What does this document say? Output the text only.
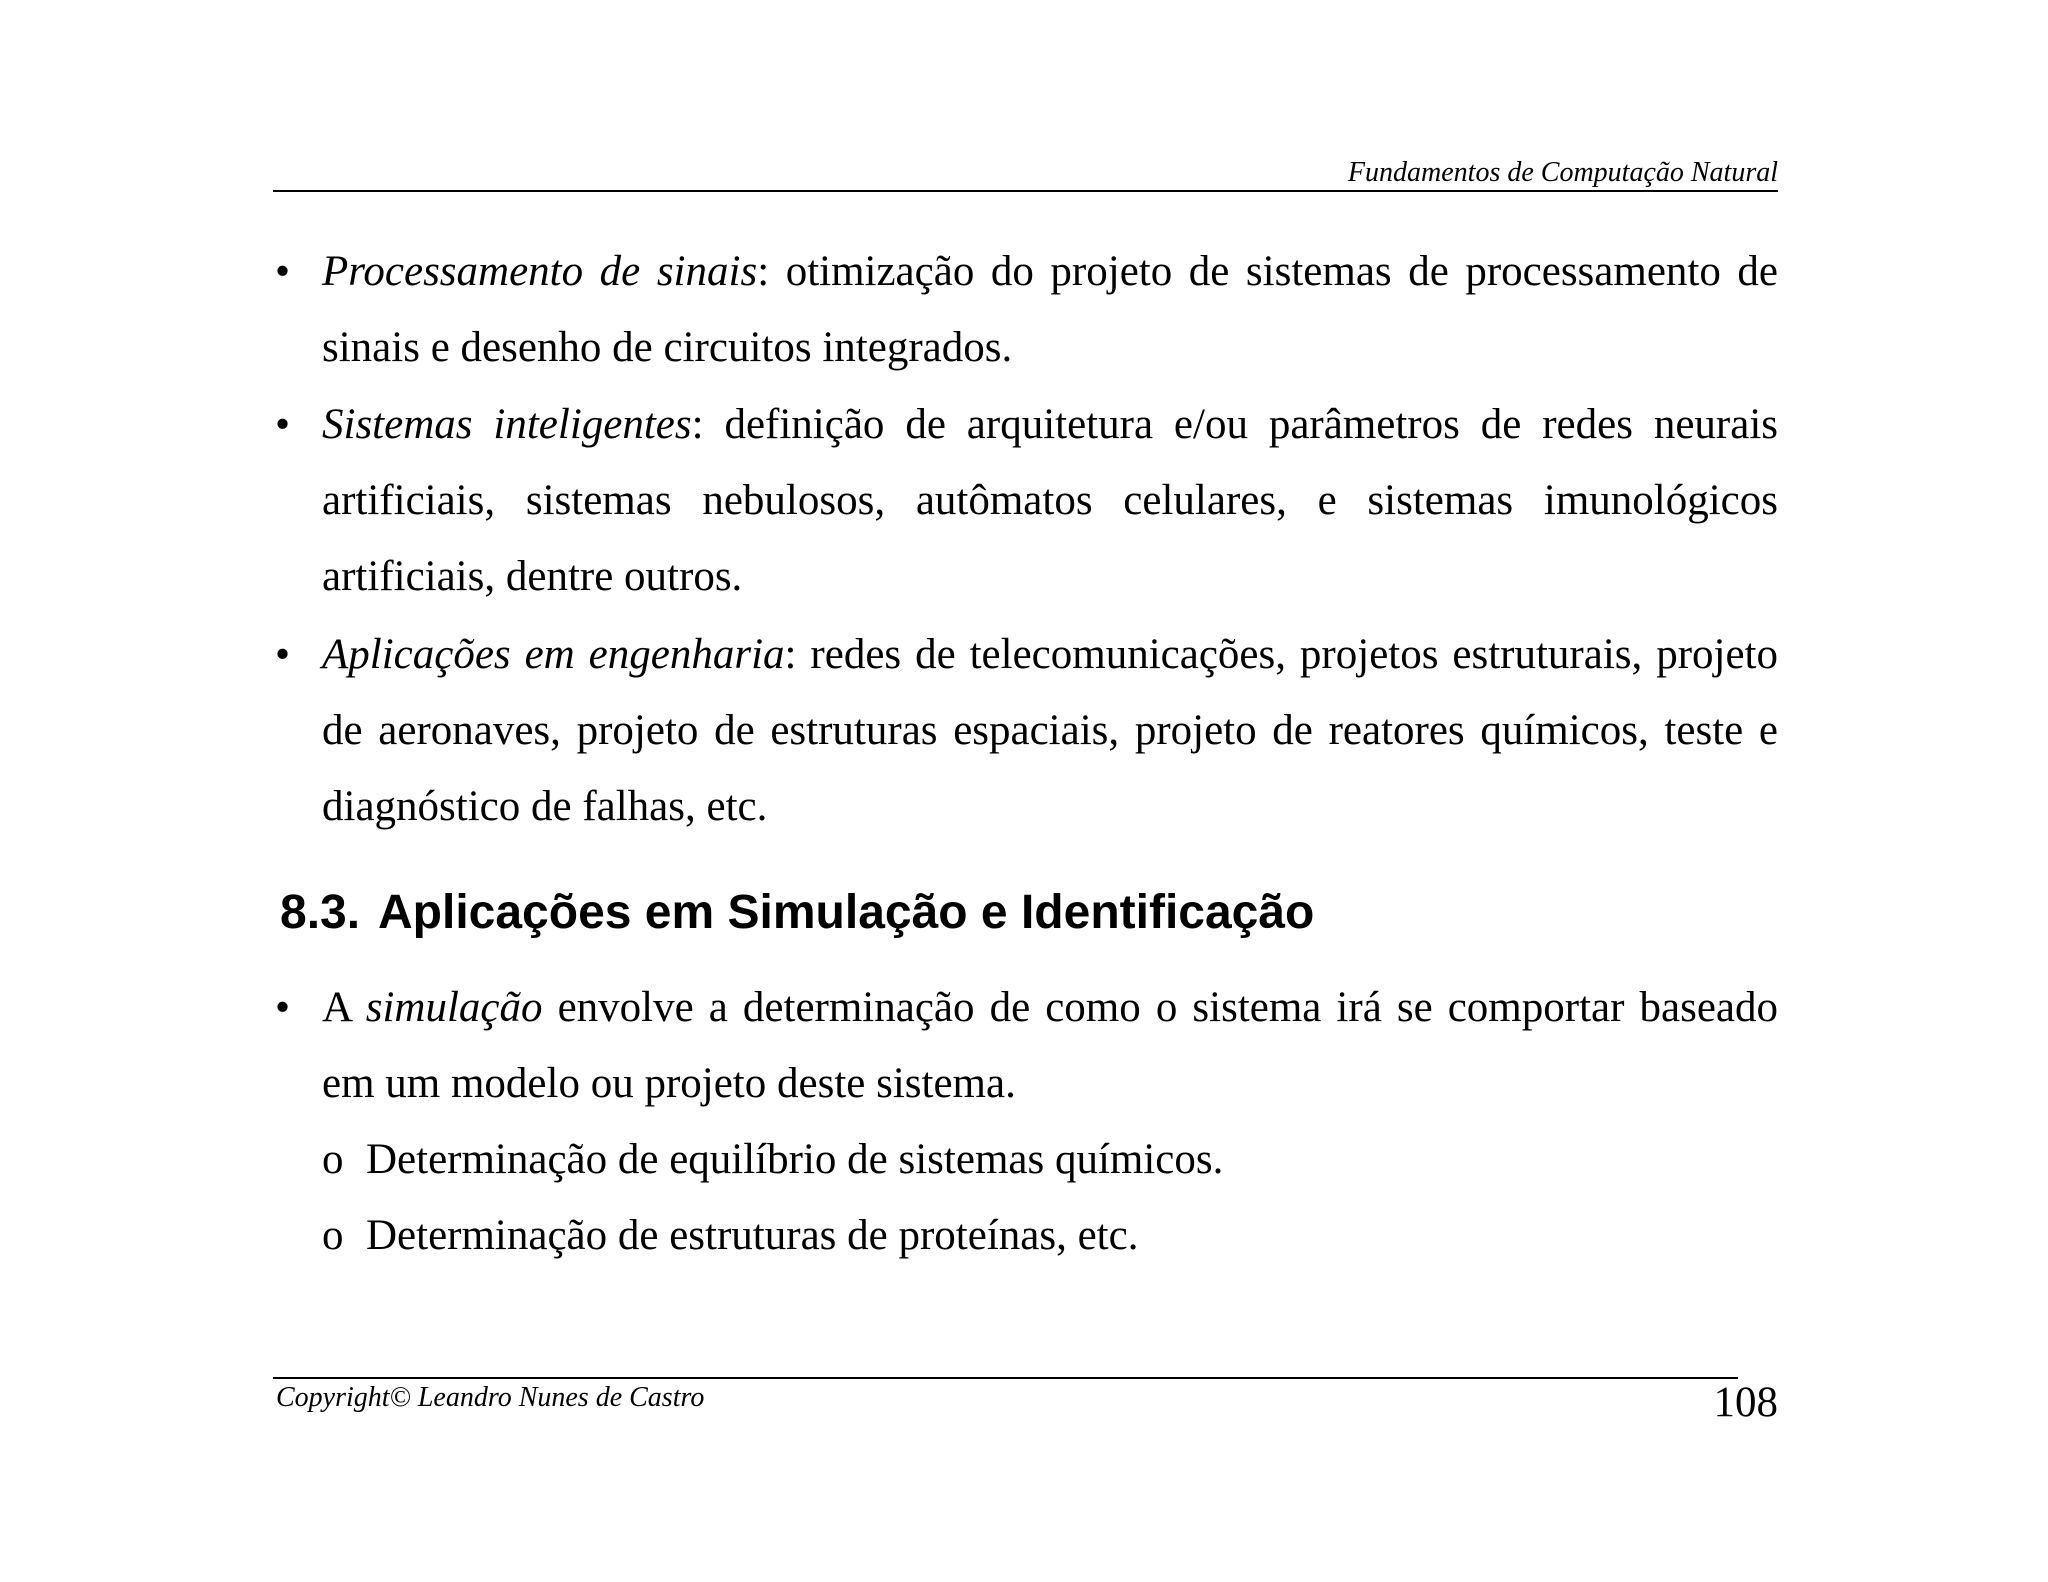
Fundamentos de Computação Natural
• Processamento de sinais: otimização do projeto de sistemas de processamento de sinais e desenho de circuitos integrados.
• Sistemas inteligentes: definição de arquitetura e/ou parâmetros de redes neurais artificiais, sistemas nebulosos, autômatos celulares, e sistemas imunológicos artificiais, dentre outros.
• Aplicações em engenharia: redes de telecomunicações, projetos estruturais, projeto de aeronaves, projeto de estruturas espaciais, projeto de reatores químicos, teste e diagnóstico de falhas, etc.
8.3. Aplicações em Simulação e Identificação
• A simulação envolve a determinação de como o sistema irá se comportar baseado em um modelo ou projeto deste sistema.
o Determinação de equilíbrio de sistemas químicos.
o Determinação de estruturas de proteínas, etc.
Copyright© Leandro Nunes de Castro	108
